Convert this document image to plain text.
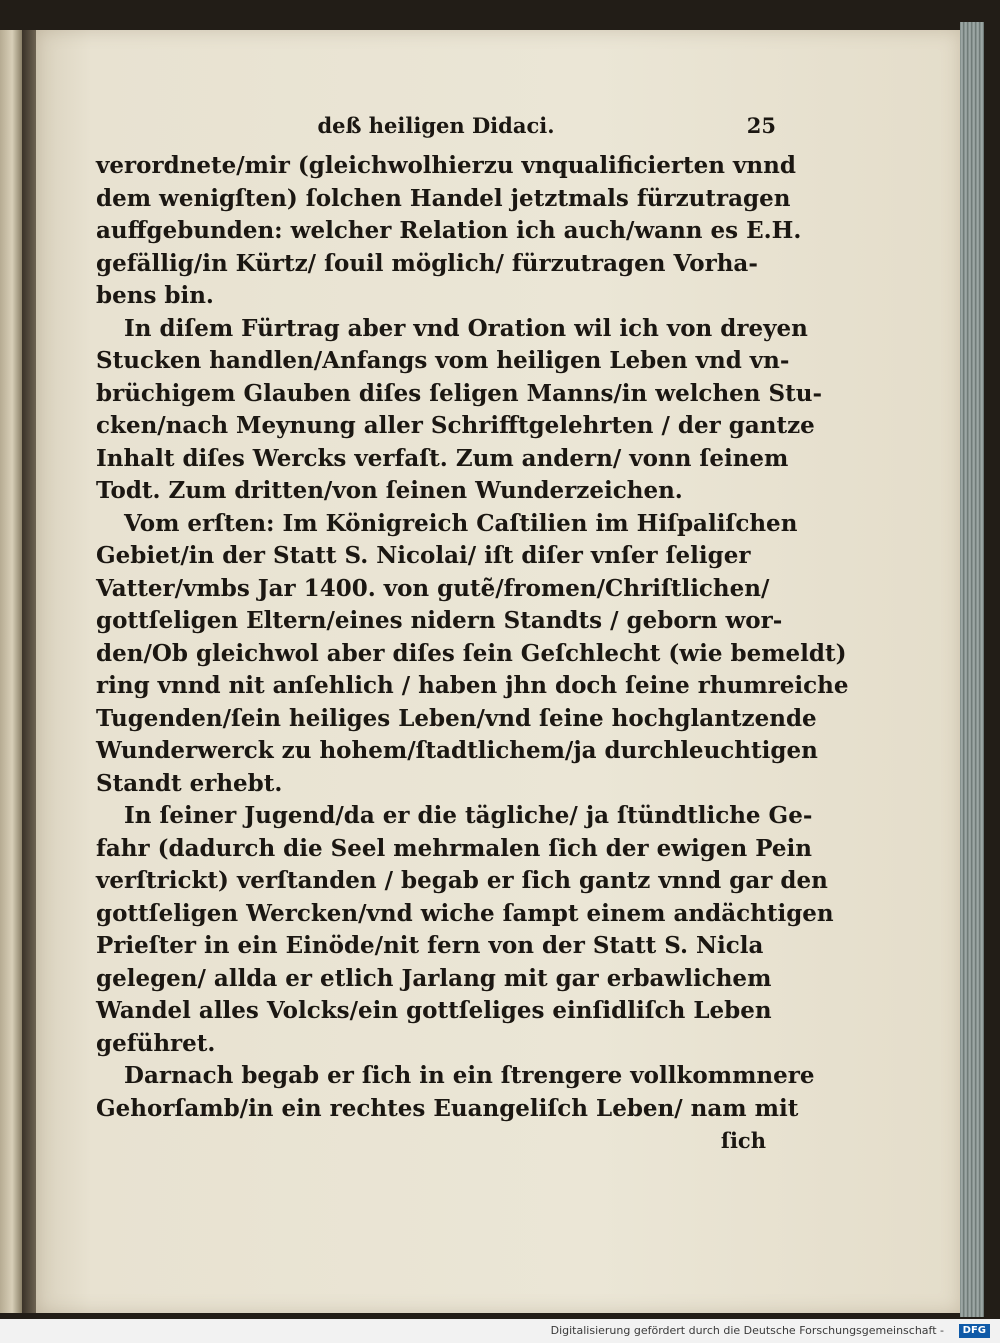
deß heiligen Didaci.	25
verordnete/mir (gleichwolhierzu vnqualificierten vnnd
dem wenigſten) ſolchen Handel jetztmals fürzutragen
auffgebunden: welcher Relation ich auch/wann es E.H.
gefällig/in Kürtz/ ſouil möglich/ fürzutragen Vorha-
bens bin.
In diſem Fürtrag aber vnd Oration wil ich von dreyen
Stucken handlen/Anfangs vom heiligen Leben vnd vn-
brüchigem Glauben diſes ſeligen Manns/in welchen Stu-
cken/nach Meynung aller Schrifftgelehrten / der gantze
Inhalt diſes Wercks verfaſt. Zum andern/ vonn ſeinem
Todt. Zum dritten/von ſeinen Wunderzeichen.
Vom erſten: Im Königreich Caſtilien im Hiſpaliſchen
Gebiet/in der Statt S. Nicolai/ iſt diſer vnſer ſeliger
Vatter/vmbs Jar 1400. von gutẽ/fromen/Chriſtlichen/
gottſeligen Eltern/eines nidern Standts / geborn wor-
den/Ob gleichwol aber diſes ſein Geſchlecht (wie bemeldt)
ring vnnd nit anſehlich / haben jhn doch ſeine rhumreiche
Tugenden/ſein heiliges Leben/vnd ſeine hochglantzende
Wunderwerck zu hohem/ſtadtlichem/ja durchleuchtigen
Standt erhebt.
In ſeiner Jugend/da er die tägliche/ ja ſtündtliche Ge-
fahr (dadurch die Seel mehrmalen ſich der ewigen Pein
verſtrickt) verſtanden / begab er ſich gantz vnnd gar den
gottſeligen Wercken/vnd wiche ſampt einem andächtigen
Prieſter in ein Einöde/nit fern von der Statt S. Nicla
gelegen/ allda er etlich Jarlang mit gar erbawlichem
Wandel alles Volcks/ein gottſeliges einſidliſch Leben
geführet.
Darnach begab er ſich in ein ſtrengere vollkommnere
Gehorſamb/in ein rechtes Euangeliſch Leben/ nam mit
ſich
Digitalisierung gefördert durch die Deutsche Forschungsgemeinschaft -	DFG
